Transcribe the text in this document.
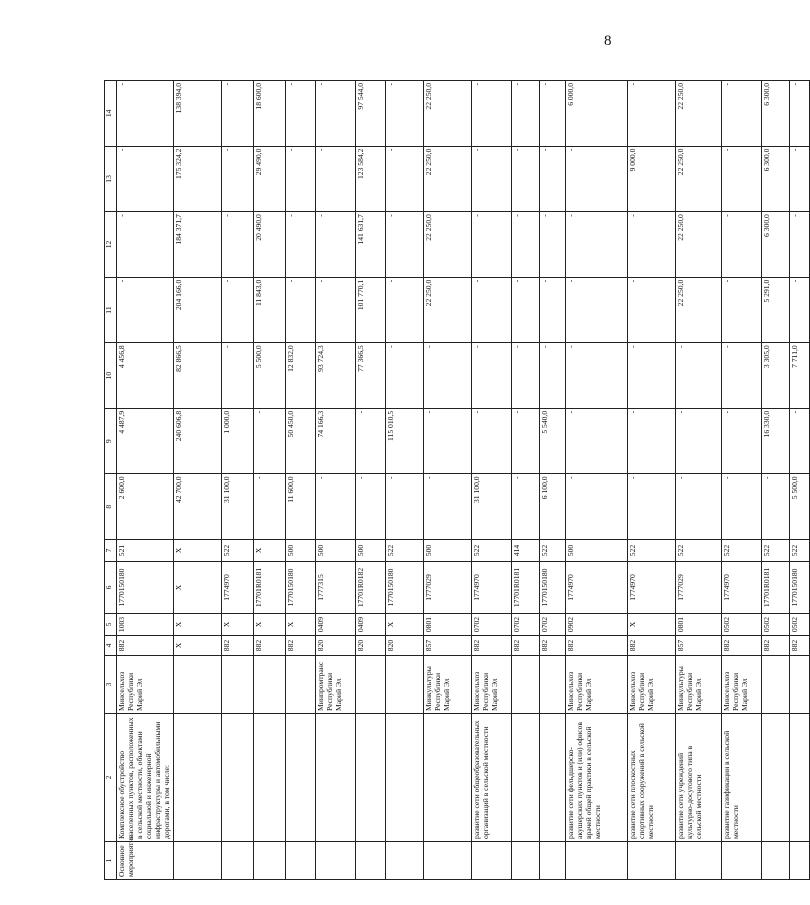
8
1	2	3	4	5	6	7	8	9	10	11	12	13	14
Основное мероприятие	Комплексное обустройство населенных пунктов, расположенных в сельской местности, объектами социальной и инженерной инфраструктуры и автомобильными дорогами, в том числе:	Минсельхоз Республики Марий Эл	882	1003	1770150180	521	2 600,0	4 487,9	4 456,8	-	-	-	-
			X	X	X	X	42 700,0	240 606,8	82 866,5	204 166,0	184 371,7	175 324,2	138 394,0
			882	X	1774970	522	31 100,0	1 000,0	-	-	-	-	-
			882	X	17701R0181	X	-	-	5 500,0	11 843,0	20 490,0	29 490,0	18 600,0
			882	X	1770150180	500	11 600,0	50 450,0	12 832,0	-	-	-	-
		Минпромтранс Республики Марий Эл	820	0409	1777315	500	-	74 166,3	93 724,3	-	-	-	-
			820	0409	17701R0182	500	-	-	77 366,5	101 770,1	141 631,7	123 584,2	97 544,0
			820	X	1770150180	522	-	115 010,5	-	-	-	-	-
		Минкультуры Республики Марий Эл	857	0801	1777029	500	-	-	-	22 250,0	22 250,0	22 250,0	22 250,0
	развитие сети общеобразовательных организаций в сельской местности	Минсельхоз Республики Марий Эл	882	0702	1774970	522	31 100,0	-	-	-	-	-	-
			882	0702	17701R0181	414	-	-	-	-	-	-	-
			882	0702	1770150180	522	6 100,0	5 540,0	-	-	-	-	-
	развитие сети фельдшерско-акушерских пунктов и (или) офисов врачей общей практики в сельской местности	Минсельхоз Республики Марий Эл	882	0902	1774970	500	-	-	-	-	-	-	6 000,0
	развитие сети плоскостных спортивных сооружений в сельской местности	Минсельхоз Республики Марий Эл	882	X	1774970	522	-	-	-	-	-	9 000,0	-
	развитие сети учреждений культурно-досугового типа в сельской местности	Минкультуры Республики Марий Эл	857	0801	1777029	522	-	-	-	22 250,0	22 250,0	22 250,0	22 250,0
	развитие газификации в сельской местности	Минсельхоз Республики Марий Эл	882	0502	1774970	522	-	-	-	-	-	-	-
			882	0502	17701R0181	522	-	16 330,0	3 305,0	5 291,0	6 300,0	6 300,0	6 300,0
			882	0502	1770150180	522	5 500,0	-	7 711,0	-	-	-	-
